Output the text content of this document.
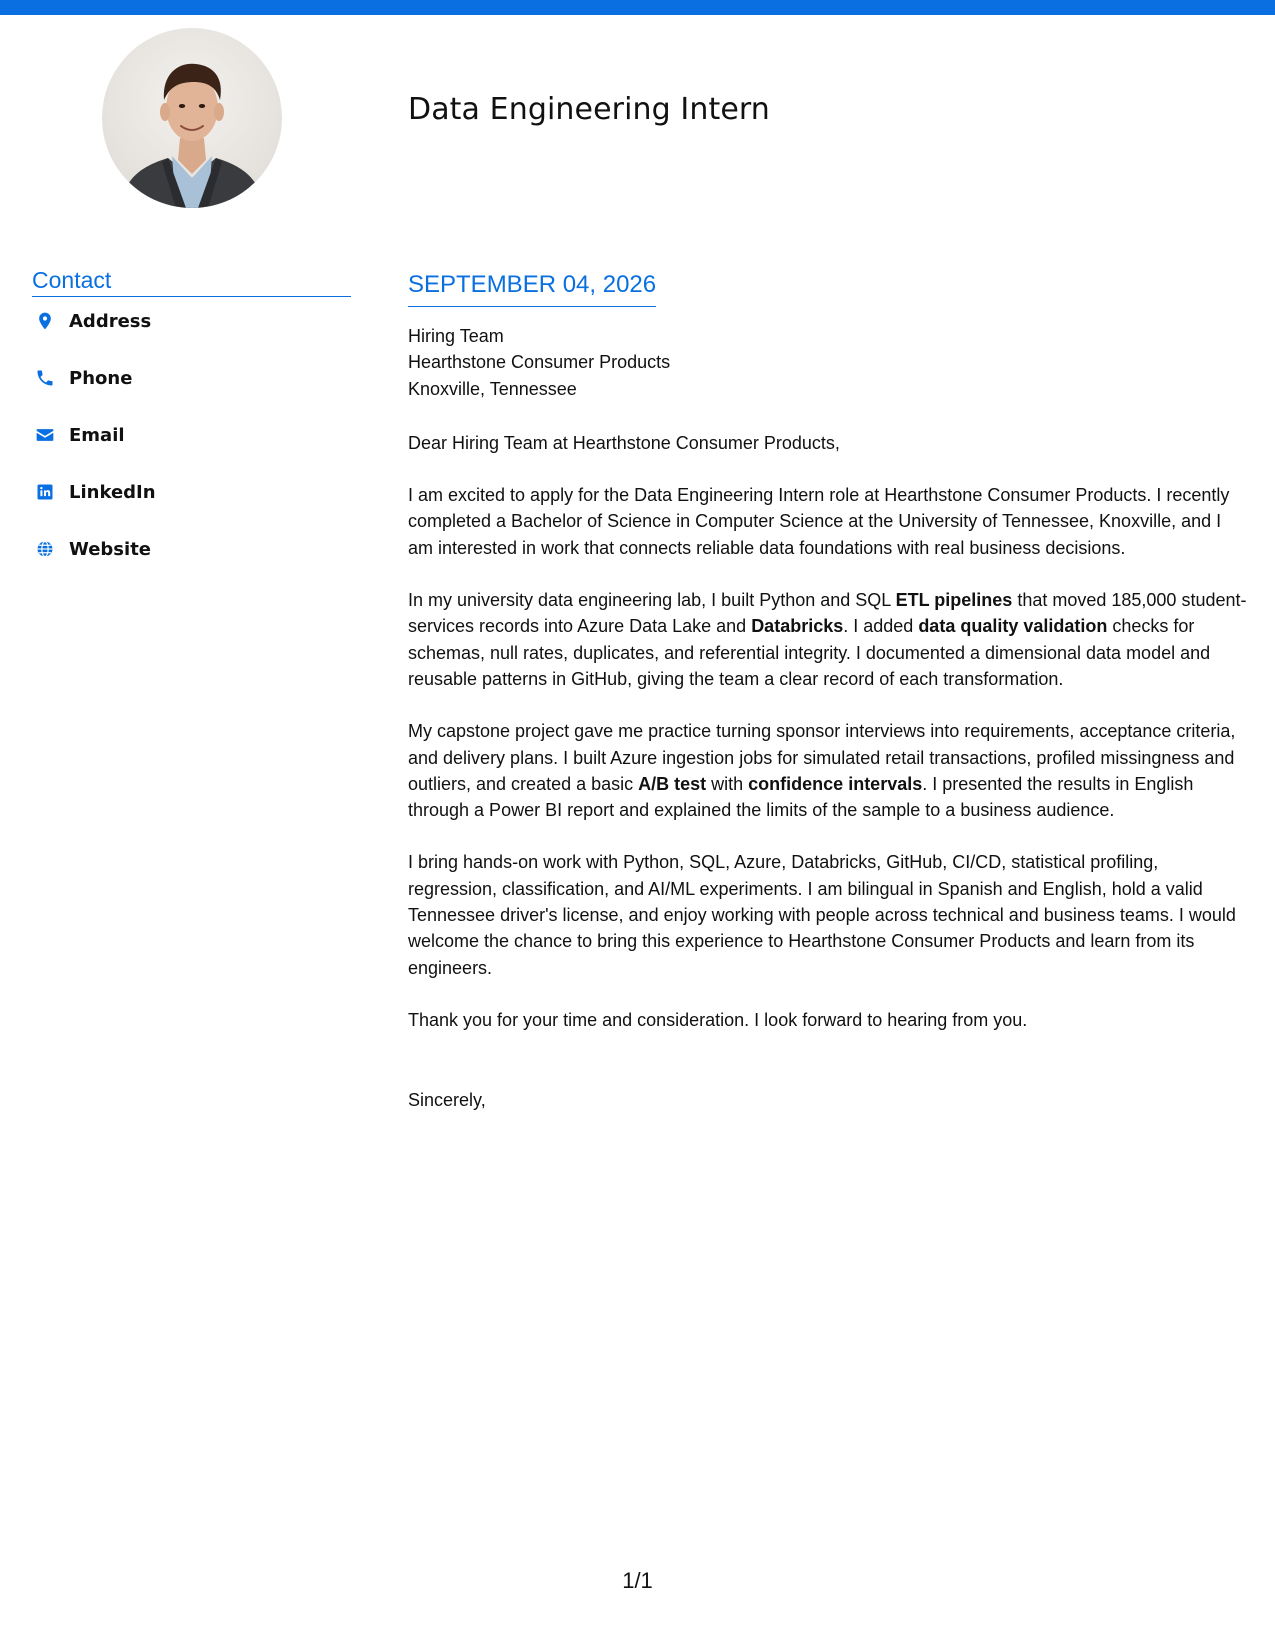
Data Engineering Intern
Contact
Address
Phone
Email
LinkedIn
Website
SEPTEMBER 04, 2026
Hiring Team
Hearthstone Consumer Products
Knoxville, Tennessee
Dear Hiring Team at Hearthstone Consumer Products,
I am excited to apply for the Data Engineering Intern role at Hearthstone Consumer Products. I recently completed a Bachelor of Science in Computer Science at the University of Tennessee, Knoxville, and I am interested in work that connects reliable data foundations with real business decisions.
In my university data engineering lab, I built Python and SQL ETL pipelines that moved 185,000 student-services records into Azure Data Lake and Databricks. I added data quality validation checks for schemas, null rates, duplicates, and referential integrity. I documented a dimensional data model and reusable patterns in GitHub, giving the team a clear record of each transformation.
My capstone project gave me practice turning sponsor interviews into requirements, acceptance criteria, and delivery plans. I built Azure ingestion jobs for simulated retail transactions, profiled missingness and outliers, and created a basic A/B test with confidence intervals. I presented the results in English through a Power BI report and explained the limits of the sample to a business audience.
I bring hands-on work with Python, SQL, Azure, Databricks, GitHub, CI/CD, statistical profiling, regression, classification, and AI/ML experiments. I am bilingual in Spanish and English, hold a valid Tennessee driver's license, and enjoy working with people across technical and business teams. I would welcome the chance to bring this experience to Hearthstone Consumer Products and learn from its engineers.
Thank you for your time and consideration. I look forward to hearing from you.
Sincerely,
1/1
